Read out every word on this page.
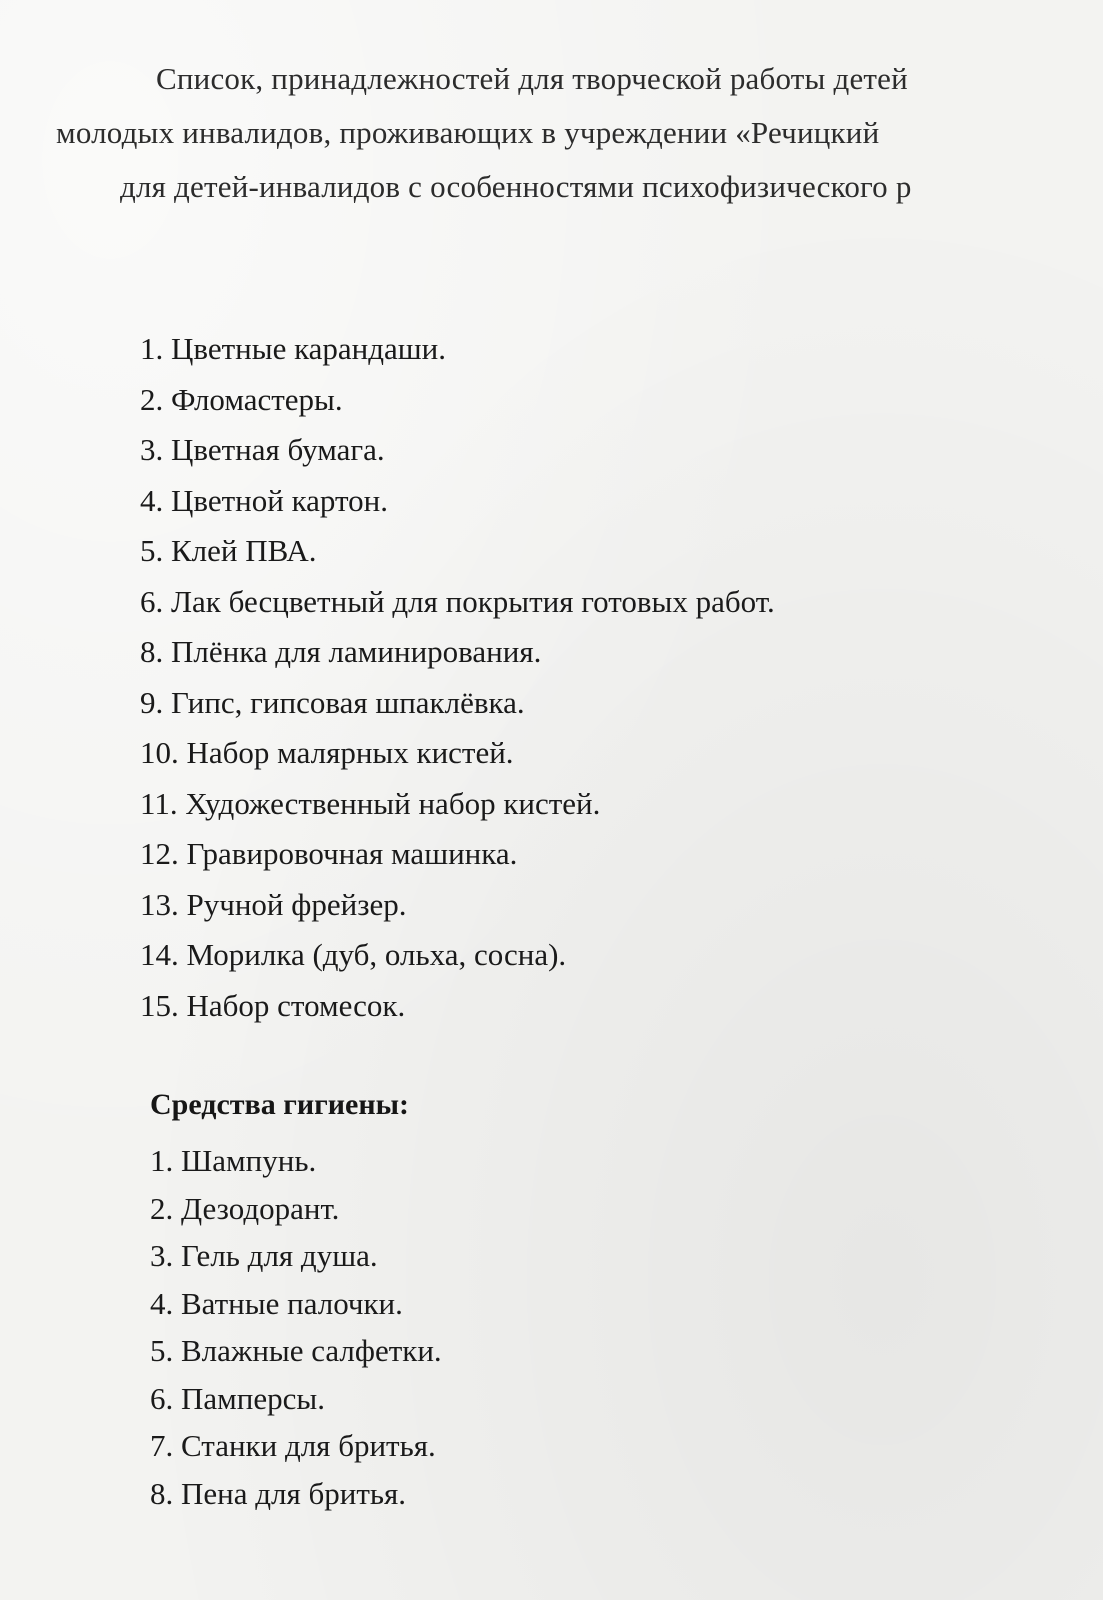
Список, принадлежностей для творческой работы детей
молодых инвалидов, проживающих в учреждении «Речицкий
для детей-инвалидов с особенностями психофизического р
1. Цветные карандаши.
2. Фломастеры.
3. Цветная бумага.
4. Цветной картон.
5. Клей ПВА.
6. Лак бесцветный для покрытия готовых работ.
8. Плёнка для ламинирования.
9. Гипс, гипсовая шпаклёвка.
10. Набор малярных кистей.
11. Художественный набор кистей.
12. Гравировочная машинка.
13. Ручной фрейзер.
14. Морилка (дуб, ольха, сосна).
15. Набор стомесок.
Средства гигиены:
1. Шампунь.
2. Дезодорант.
3. Гель для душа.
4. Ватные палочки.
5. Влажные салфетки.
6. Памперсы.
7. Станки для бритья.
8. Пена для бритья.
